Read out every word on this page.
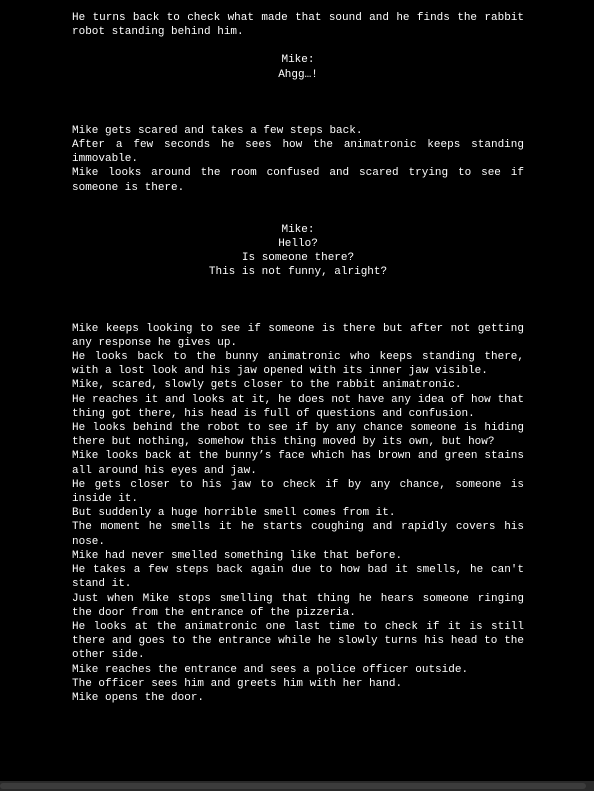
He turns back to check what made that sound and he finds the rabbit robot standing behind him.

Mike:
Ahgg…!

Mike gets scared and takes a few steps back.

After a few seconds he sees how the animatronic keeps standing immovable.

Mike looks around the room confused and scared trying to see if someone is there.

Mike:
Hello?
Is someone there?
This is not funny, alright?

Mike keeps looking to see if someone is there but after not getting any response he gives up.

He looks back to the bunny animatronic who keeps standing there, with a lost look and his jaw opened with its inner jaw visible.

Mike, scared, slowly gets closer to the rabbit animatronic.

He reaches it and looks at it, he does not have any idea of how that thing got there, his head is full of questions and confusion.

He looks behind the robot to see if by any chance someone is hiding there but nothing, somehow this thing moved by its own, but how?

Mike looks back at the bunny’s face which has brown and green stains all around his eyes and jaw.

He gets closer to his jaw to check if by any chance, someone is inside it.

But suddenly a huge horrible smell comes from it.

The moment he smells it he starts coughing and rapidly covers his nose.

Mike had never smelled something like that before.

He takes a few steps back again due to how bad it smells, he can't stand it.

Just when Mike stops smelling that thing he hears someone ringing the door from the entrance of the pizzeria.

He looks at the animatronic one last time to check if it is still there and goes to the entrance while he slowly turns his head to the other side.

Mike reaches the entrance and sees a police officer outside.

The officer sees him and greets him with her hand.

Mike opens the door.
